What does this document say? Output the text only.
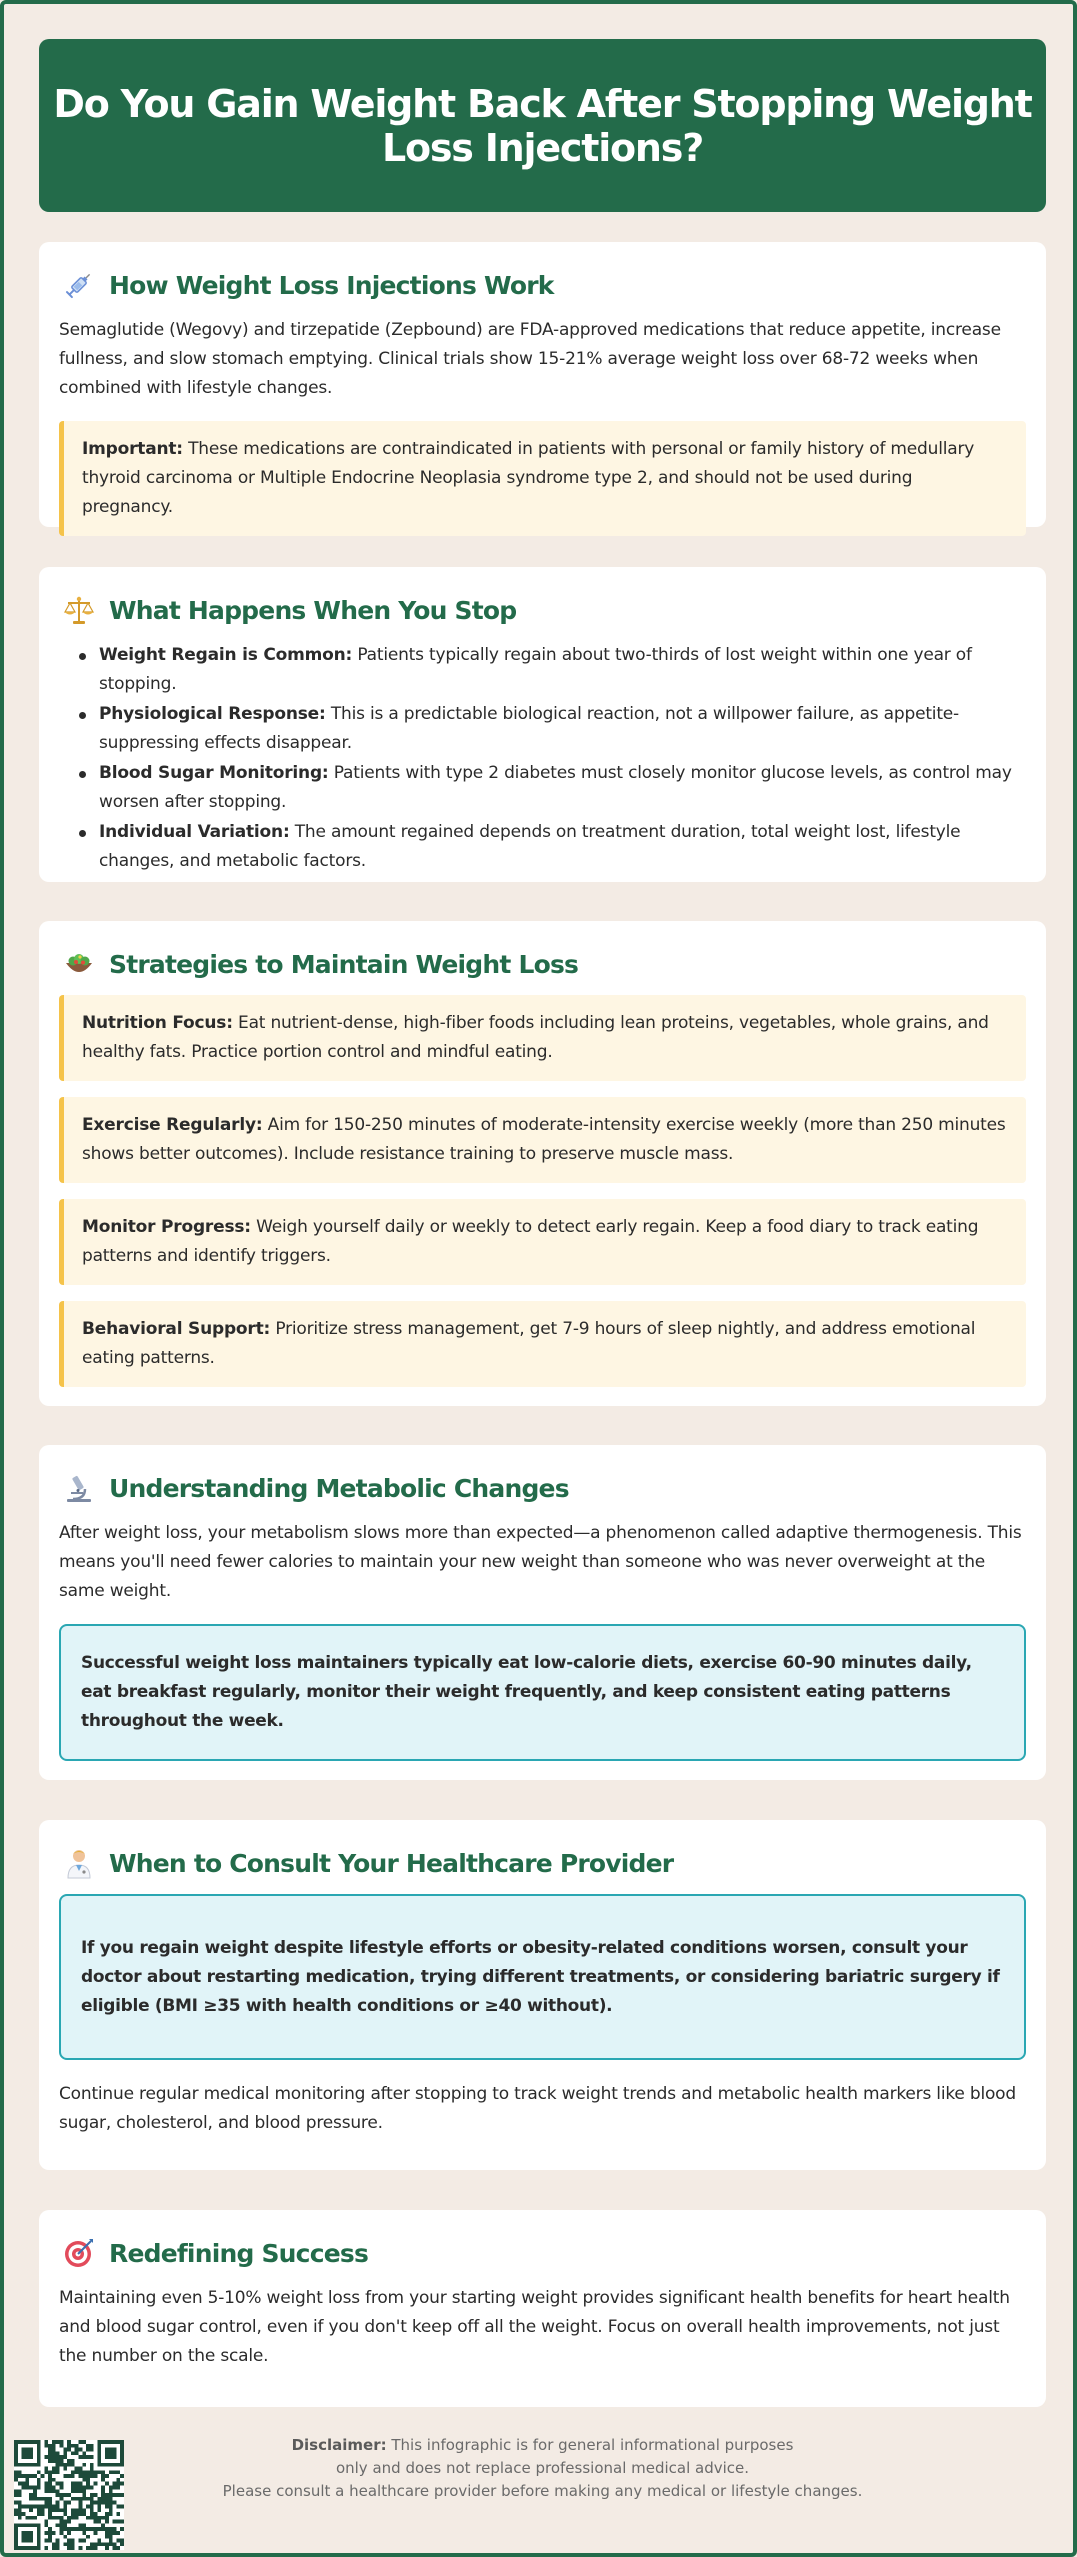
Do You Gain Weight Back After Stopping Weight Loss Injections?
How Weight Loss Injections Work

Semaglutide (Wegovy) and tirzepatide (Zepbound) are FDA-approved medications that reduce appetite, increase fullness, and slow stomach emptying. Clinical trials show 15-21% average weight loss over 68-72 weeks when combined with lifestyle changes.

Important: These medications are contraindicated in patients with personal or family history of medullary thyroid carcinoma or Multiple Endocrine Neoplasia syndrome type 2, and should not be used during pregnancy.
What Happens When You Stop
Weight Regain is Common: Patients typically regain about two-thirds of lost weight within one year of stopping.
Physiological Response: This is a predictable biological reaction, not a willpower failure, as appetite-suppressing effects disappear.
Blood Sugar Monitoring: Patients with type 2 diabetes must closely monitor glucose levels, as control may worsen after stopping.
Individual Variation: The amount regained depends on treatment duration, total weight lost, lifestyle changes, and metabolic factors.
Strategies to Maintain Weight Loss
Nutrition Focus: Eat nutrient-dense, high-fiber foods including lean proteins, vegetables, whole grains, and healthy fats. Practice portion control and mindful eating.
Exercise Regularly: Aim for 150-250 minutes of moderate-intensity exercise weekly (more than 250 minutes shows better outcomes). Include resistance training to preserve muscle mass.
Monitor Progress: Weigh yourself daily or weekly to detect early regain. Keep a food diary to track eating patterns and identify triggers.
Behavioral Support: Prioritize stress management, get 7-9 hours of sleep nightly, and address emotional eating patterns.
Understanding Metabolic Changes

After weight loss, your metabolism slows more than expected—a phenomenon called adaptive thermogenesis. This means you'll need fewer calories to maintain your new weight than someone who was never overweight at the same weight.

Successful weight loss maintainers typically eat low-calorie diets, exercise 60-90 minutes daily, eat breakfast regularly, monitor their weight frequently, and keep consistent eating patterns throughout the week.
When to Consult Your Healthcare Provider
If you regain weight despite lifestyle efforts or obesity-related conditions worsen, consult your doctor about restarting medication, trying different treatments, or considering bariatric surgery if eligible (BMI ≥35 with health conditions or ≥40 without).

Continue regular medical monitoring after stopping to track weight trends and metabolic health markers like blood sugar, cholesterol, and blood pressure.

Redefining Success

Maintaining even 5-10% weight loss from your starting weight provides significant health benefits for heart health and blood sugar control, even if you don't keep off all the weight. Focus on overall health improvements, not just the number on the scale.

Disclaimer: This infographic is for general informational purposes
only and does not replace professional medical advice.
Please consult a healthcare provider before making any medical or lifestyle changes.
